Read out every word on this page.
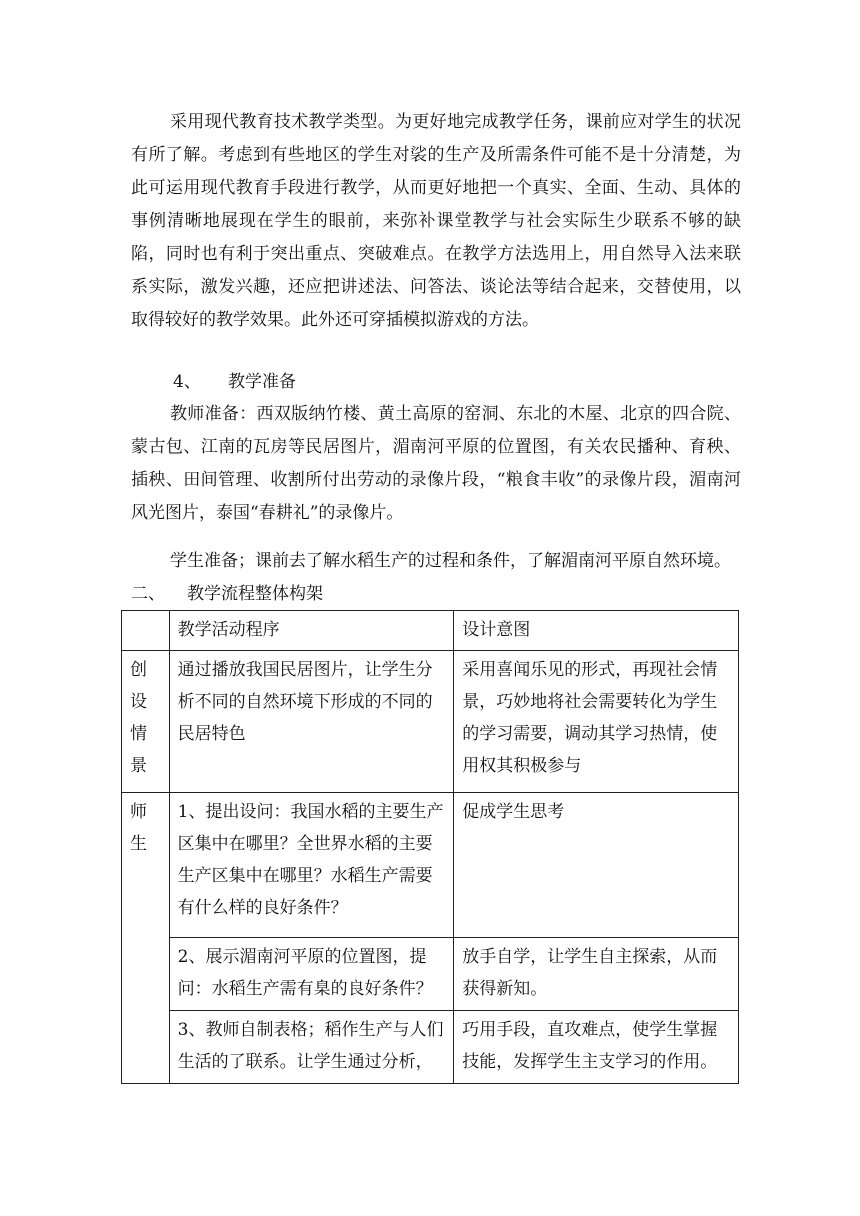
采用现代教育技术教学类型。为更好地完成教学任务，课前应对学生的状况有所了解。考虑到有些地区的学生对裟的生产及所需条件可能不是十分清楚，为此可运用现代教育手段进行教学，从而更好地把一个真实、全面、生动、具体的事例清晰地展现在学生的眼前，来弥补课堂教学与社会实际生少联系不够的缺陷，同时也有利于突出重点、突破难点。在教学方法选用上，用自然导入法来联系实际，激发兴趣，还应把讲述法、问答法、谈论法等结合起来，交替使用，以取得较好的教学效果。此外还可穿插模拟游戏的方法。

4、 教学准备

教师准备：西双版纳竹楼、黄土高原的窑洞、东北的木屋、北京的四合院、蒙古包、江南的瓦房等民居图片，湄南河平原的位置图，有关农民播种、育秧、插秧、田间管理、收割所付出劳动的录像片段，“粮食丰收”的录像片段，湄南河风光图片，泰国“春耕礼”的录像片。

学生准备；课前去了解水稻生产的过程和条件，了解湄南河平原自然环境。

二、 教学流程整体构架

	教学活动程序	设计意图
创设情景	通过播放我国民居图片，让学生分析不同的自然环境下形成的不同的民居特色	采用喜闻乐见的形式，再现社会情景，巧妙地将社会需要转化为学生的学习需要，调动其学习热情，使用权其积极参与
师生	1、提出设问：我国水稻的主要生产区集中在哪里？全世界水稻的主要生产区集中在哪里？水稻生产需要有什么样的良好条件？	促成学生思考
	2、展示湄南河平原的位置图，提问：水稻生产需有臬的良好条件？	放手自学，让学生自主探索，从而获得新知。
	3、教师自制表格；稻作生产与人们生活的了联系。让学生通过分析，	巧用手段，直攻难点，使学生掌握技能，发挥学生主支学习的作用。
